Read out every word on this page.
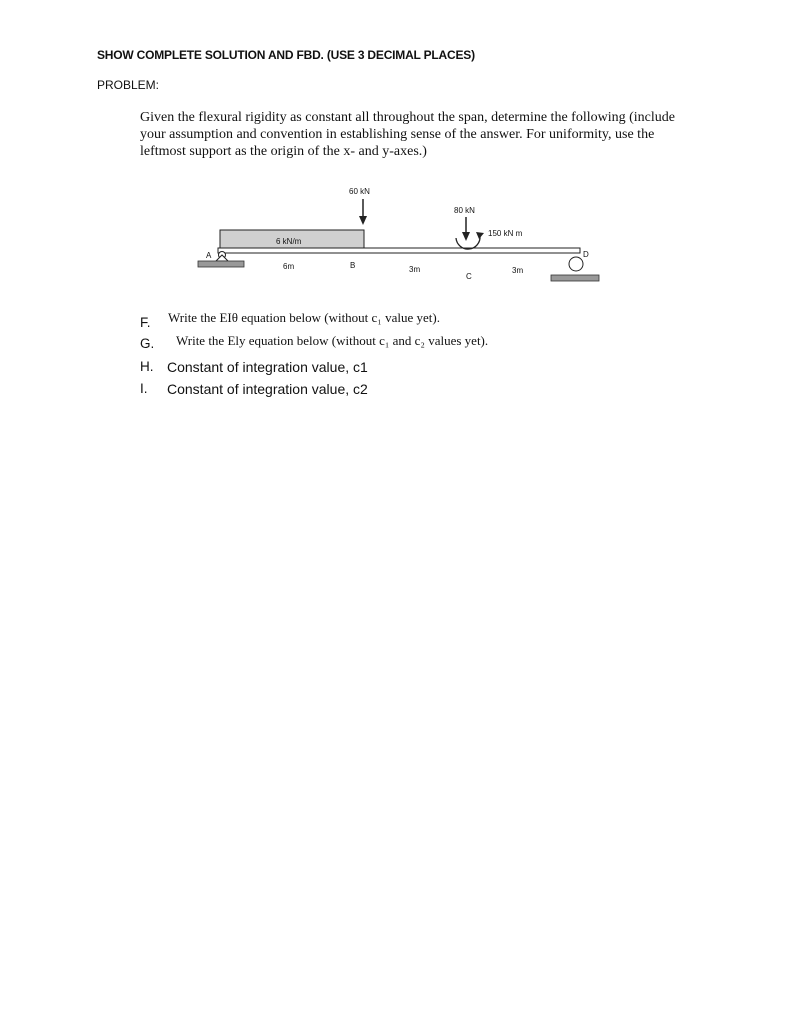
SHOW COMPLETE SOLUTION AND FBD. (USE 3 DECIMAL PLACES)
PROBLEM:
Given the flexural rigidity as constant all throughout the span, determine the following (include your assumption and convention in establishing sense of the answer. For uniformity, use the leftmost support as the origin of the x- and y-axes.)
60 kN
80 kN
150 kN m
6 kN/m
A
B
C
D
6m	3m	3m
F. Write the EIθ equation below (without c₁ value yet).
G. Write the Ely equation below (without c₁ and c₂ values yet).
H. Constant of integration value, c1
I. Constant of integration value, c2
